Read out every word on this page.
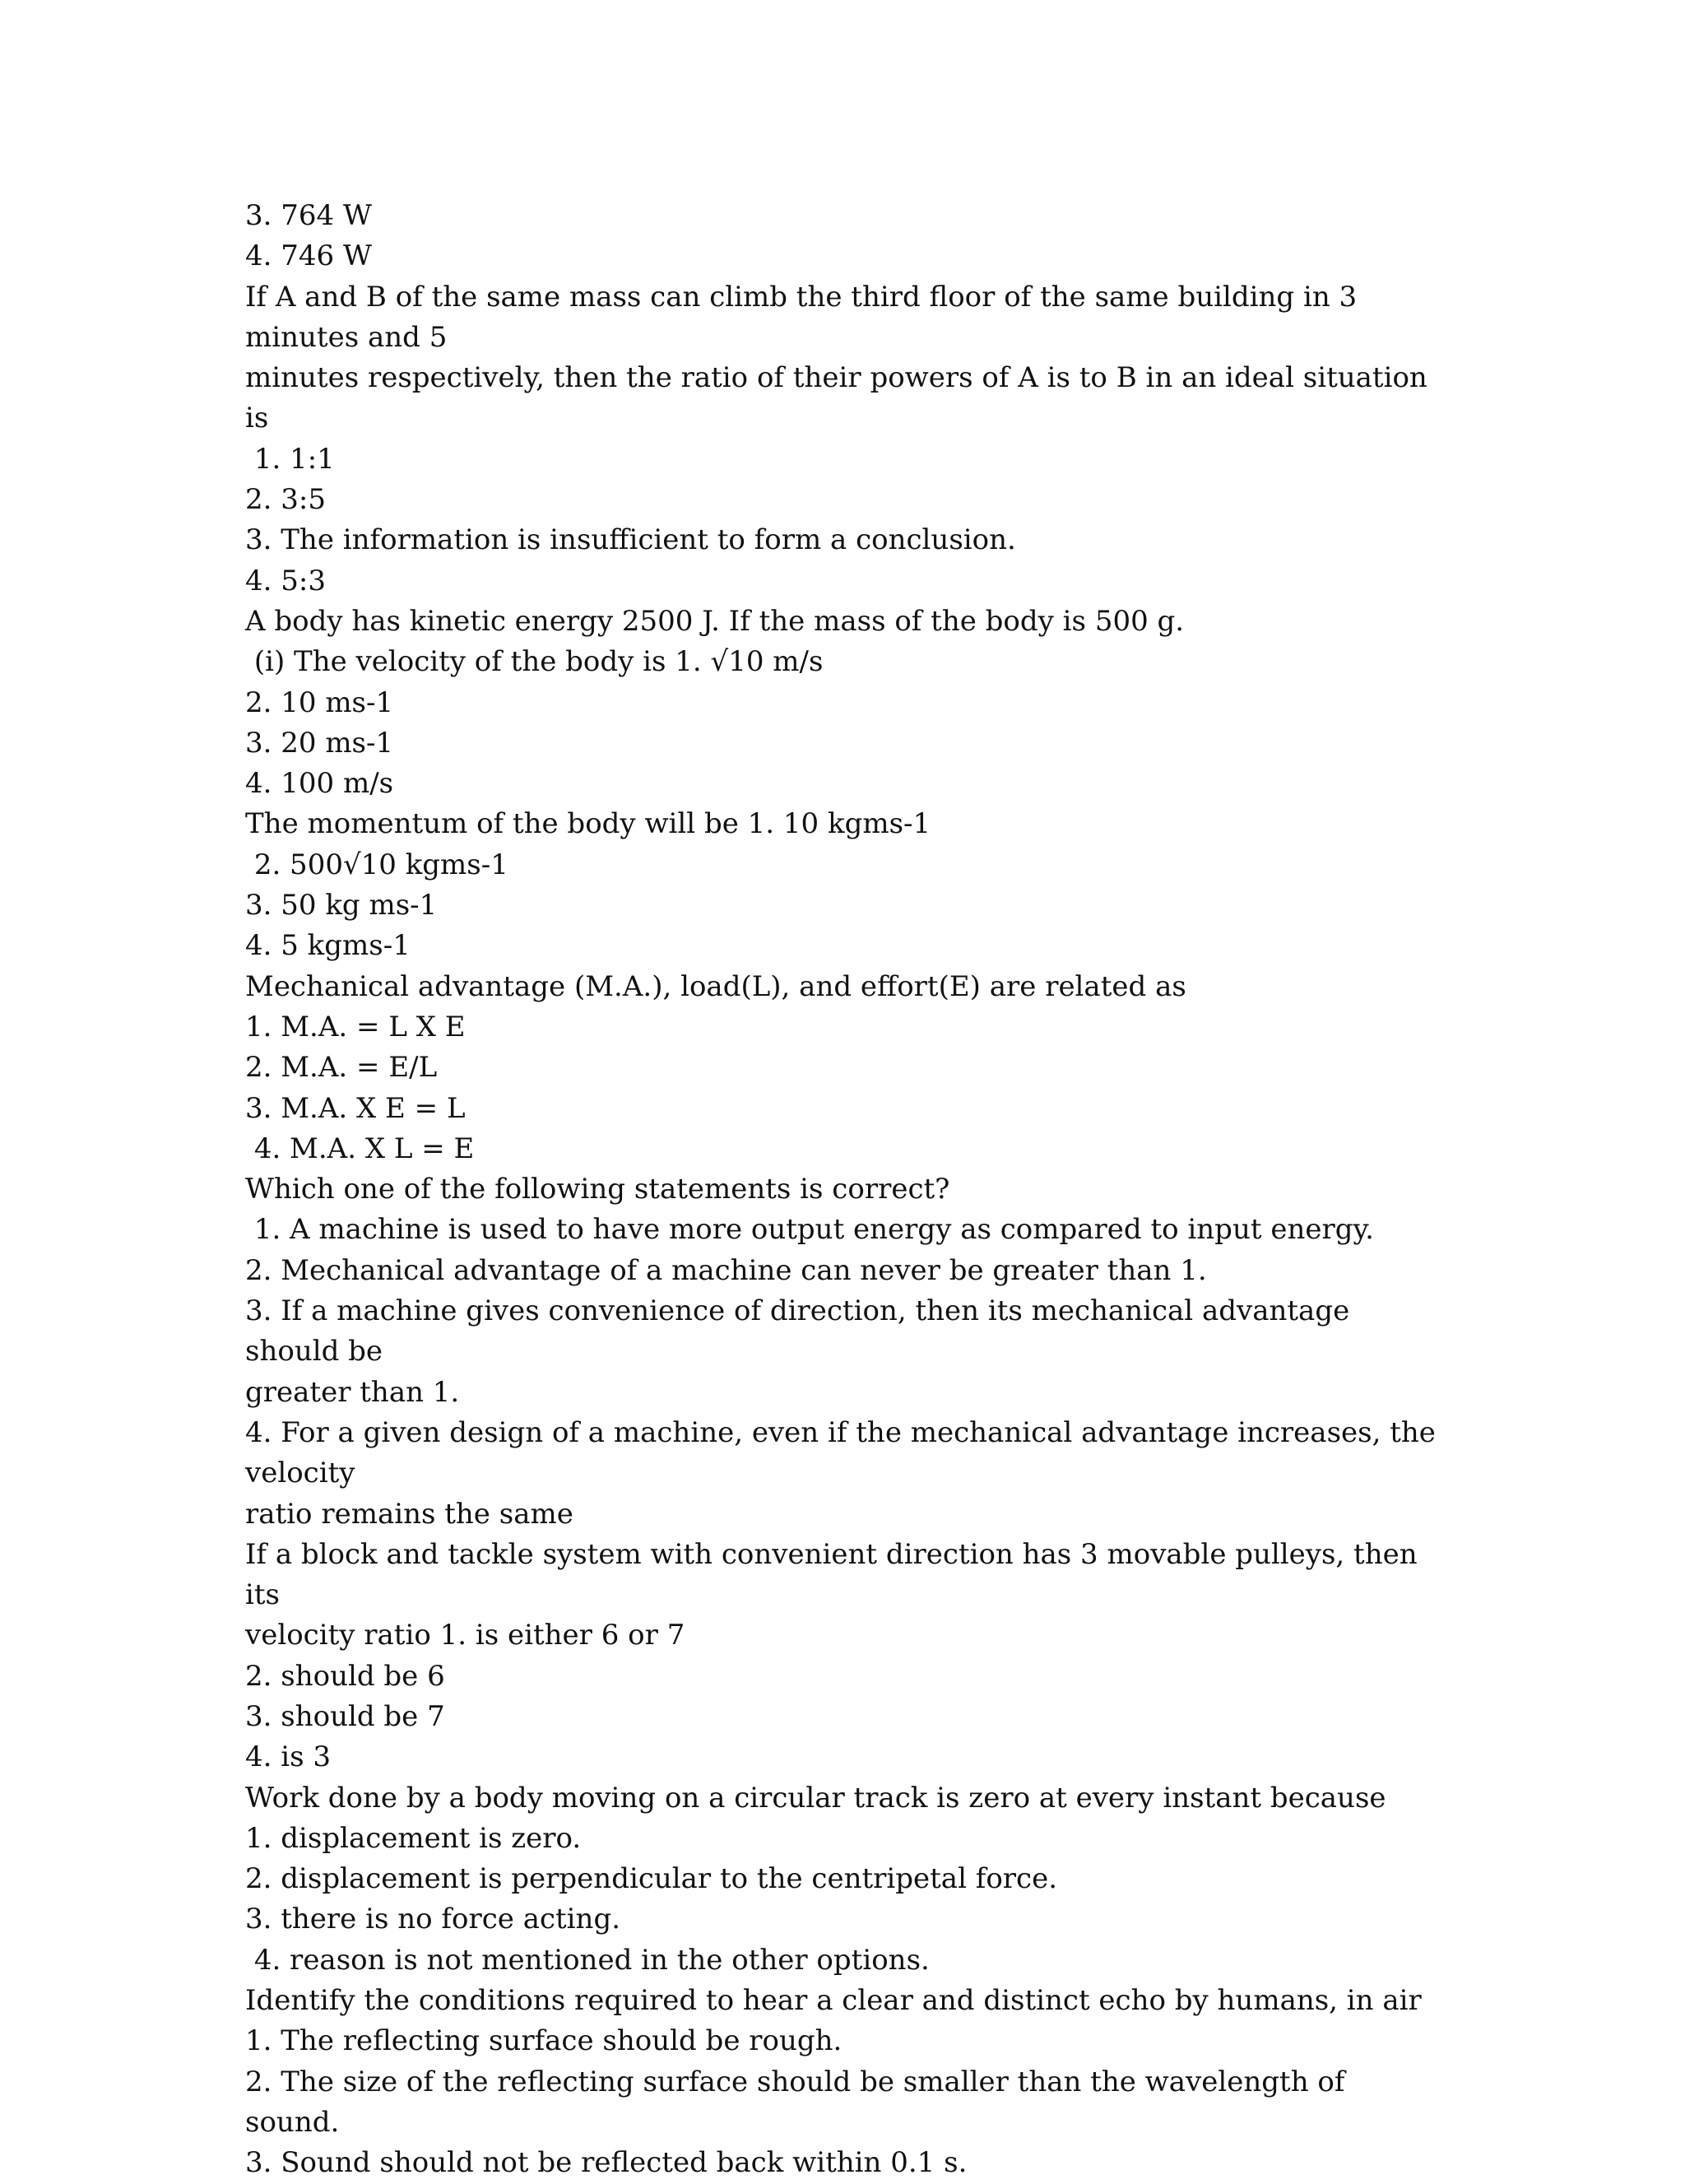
3. 764 W
4. 746 W
If A and B of the same mass can climb the third floor of the same building in 3 minutes and 5
minutes respectively, then the ratio of their powers of A is to B in an ideal situation is
1. 1:1
2. 3:5
3. The information is insufficient to form a conclusion.
4. 5:3
A body has kinetic energy 2500 J. If the mass of the body is 500 g.
(i) The velocity of the body is 1. √10 m/s
2. 10 ms-1
3. 20 ms-1
4. 100 m/s
The momentum of the body will be 1. 10 kgms-1
2. 500√10 kgms-1
3. 50 kg ms-1
4. 5 kgms-1
Mechanical advantage (M.A.), load(L), and effort(E) are related as
1. M.A. = L X E
2. M.A. = E/L
3. M.A. X E = L
4. M.A. X L = E
Which one of the following statements is correct?
1. A machine is used to have more output energy as compared to input energy.
2. Mechanical advantage of a machine can never be greater than 1.
3. If a machine gives convenience of direction, then its mechanical advantage should be
greater than 1.
4. For a given design of a machine, even if the mechanical advantage increases, the velocity
ratio remains the same
If a block and tackle system with convenient direction has 3 movable pulleys, then its
velocity ratio 1. is either 6 or 7
2. should be 6
3. should be 7
4. is 3
Work done by a body moving on a circular track is zero at every instant because
1. displacement is zero.
2. displacement is perpendicular to the centripetal force.
3. there is no force acting.
4. reason is not mentioned in the other options.
Identify the conditions required to hear a clear and distinct echo by humans, in air
1. The reflecting surface should be rough.
2. The size of the reflecting surface should be smaller than the wavelength of sound.
3. Sound should not be reflected back within 0.1 s.
